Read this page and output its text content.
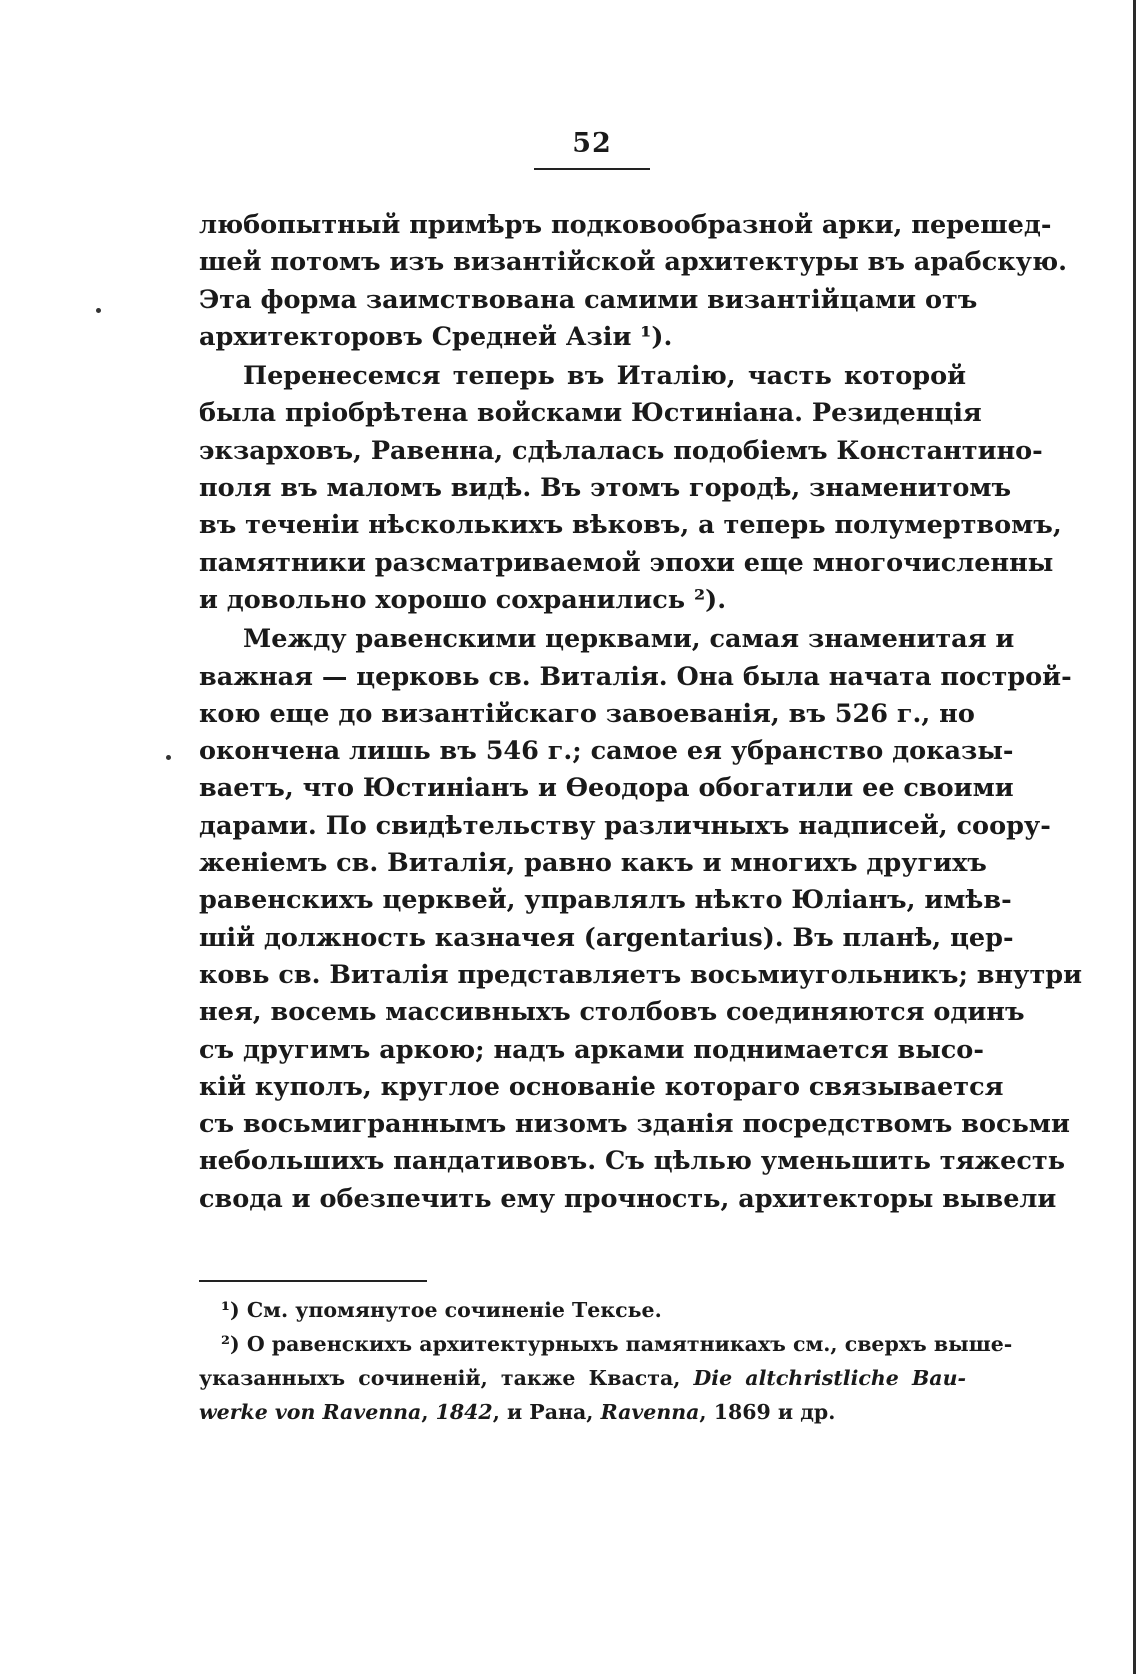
52
любопытный примѣръ подковообразной арки, перешед-
шей потомъ изъ византійской архитектуры въ арабскую.
Эта форма заимствована самими византійцами отъ
архитекторовъ Средней Азіи ¹).
Перенесемся теперь въ Италію, часть которой
была пріобрѣтена войсками Юстиніана. Резиденція
экзарховъ, Равенна, сдѣлалась подобіемъ Константино-
поля въ маломъ видѣ. Въ этомъ городѣ, знаменитомъ
въ теченіи нѣсколькихъ вѣковъ, а теперь полумертвомъ,
памятники разсматриваемой эпохи еще многочисленны
и довольно хорошо сохранились ²).
Между равенскими церквами, самая знаменитая и
важная — церковь св. Виталія. Она была начата построй-
кою еще до византійскаго завоеванія, въ 526 г., но
окончена лишь въ 546 г.; самое ея убранство доказы-
ваетъ, что Юстиніанъ и Ѳеодора обогатили ее своими
дарами. По свидѣтельству различныхъ надписей, соору-
женіемъ св. Виталія, равно какъ и многихъ другихъ
равенскихъ церквей, управлялъ нѣкто Юліанъ, имѣв-
шій должность казначея (argentarius). Въ планѣ, цер-
ковь св. Виталія представляетъ восьмиугольникъ; внутри
нея, восемь массивныхъ столбовъ соединяются одинъ
съ другимъ аркою; надъ арками поднимается высо-
кій куполъ, круглое основаніе котораго связывается
съ восьмиграннымъ низомъ зданія посредствомъ восьми
небольшихъ пандативовъ. Съ цѣлью уменьшить тяжесть
свода и обезпечить ему прочность, архитекторы вывели
¹) См. упомянутое сочиненіе Тексье.
²) О равенскихъ архитектурныхъ памятникахъ см., сверхъ выше-
указанныхъ сочиненій, также Кваста, Die altchristliche Bau-
werke von Ravenna, 1842, и Рана, Ravenna, 1869 и др.
